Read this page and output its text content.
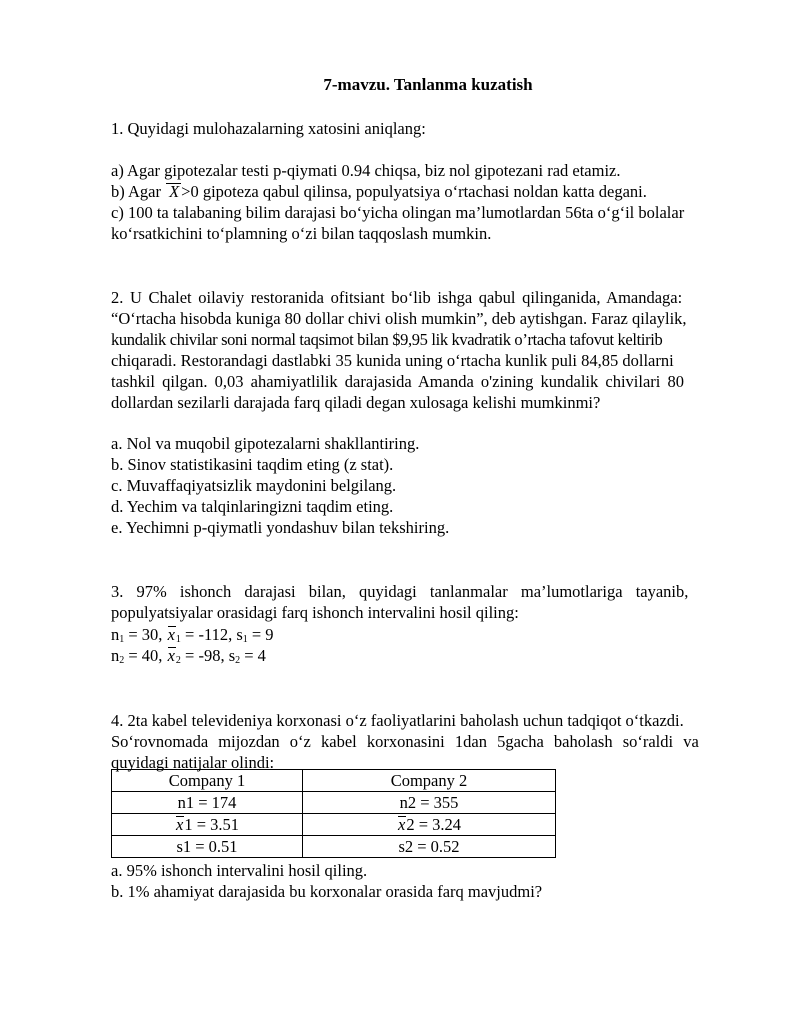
7-mavzu. Tanlanma kuzatish
1. Quyidagi mulohazalarning xatosini aniqlang:
a) Agar gipotezalar testi p-qiymati 0.94 chiqsa, biz nol gipotezani rad etamiz.
b) Agar X >0 gipoteza qabul qilinsa, populyatsiya o‘rtachasi noldan katta degani.
c) 100 ta talabaning bilim darajasi bo‘yicha olingan ma’lumotlardan 56ta o‘g‘il bolalar
ko‘rsatkichini to‘plamning o‘zi bilan taqqoslash mumkin.
2. U Chalet oilaviy restoranida ofitsiant bo‘lib ishga qabul qilinganida, Amandaga:
“O‘rtacha hisobda kuniga 80 dollar chivi olish mumkin”, deb aytishgan. Faraz qilaylik,
kundalik chivilar soni normal taqsimot bilan $9,95 lik kvadratik o’rtacha tafovut keltirib
chiqaradi. Restorandagi dastlabki 35 kunida uning o‘rtacha kunlik puli 84,85 dollarni
tashkil qilgan. 0,03 ahamiyatlilik darajasida Amanda o'zining kundalik chivilari 80
dollardan sezilarli darajada farq qiladi degan xulosaga kelishi mumkinmi?
a. Nol va muqobil gipotezalarni shakllantiring.
b. Sinov statistikasini taqdim eting (z stat).
c. Muvaffaqiyatsizlik maydonini belgilang.
d. Yechim va talqinlaringizni taqdim eting.
e. Yechimni p-qiymatli yondashuv bilan tekshiring.
3. 97% ishonch darajasi bilan, quyidagi tanlanmalar ma’lumotlariga tayanib,
populyatsiyalar orasidagi farq ishonch intervalini hosil qiling:
$n_1 = 30$, $x_1 = -112$, $s_1 = 9$
$n_2 = 40$, $x_2 = -98$, $s_2 = 4$
4. 2ta kabel televideniya korxonasi o‘z faoliyatlarini baholash uchun tadqiqot o‘tkazdi.
So‘rovnomada mijozdan o‘z kabel korxonasini 1dan 5gacha baholash so‘raldi va
quyidagi natijalar olindi:
Company 1	Company 2
n1 = 174	n2 = 355
x1 = 3.51	x2 = 3.24
s1 = 0.51	s2 = 0.52
a. 95% ishonch intervalini hosil qiling.
b. 1% ahamiyat darajasida bu korxonalar orasida farq mavjudmi?
